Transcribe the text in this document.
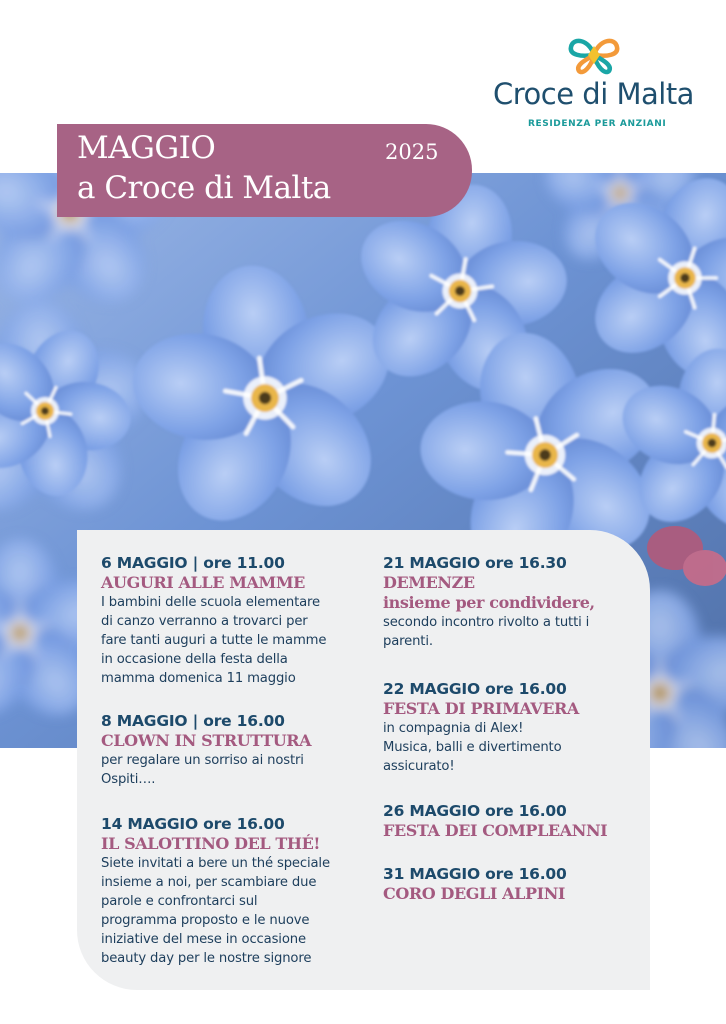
Croce di Malta
RESIDENZA PER ANZIANI
MAGGIO
a Croce di Malta
2025
6 MAGGIO | ore 11.00
AUGURI ALLE MAMME
I bambini delle scuola elementare
di canzo verranno a trovarci per
fare tanti auguri a tutte le mamme
in occasione della festa della
mamma domenica 11 maggio
8 MAGGIO | ore 16.00
CLOWN IN STRUTTURA
per regalare un sorriso ai nostri
Ospiti….
14 MAGGIO ore 16.00
IL SALOTTINO DEL THÉ!
Siete invitati a bere un thé speciale
insieme a noi, per scambiare due
parole e confrontarci sul
programma proposto e le nuove
iniziative del mese in occasione
beauty day per le nostre signore
21 MAGGIO ore 16.30
DEMENZE
insieme per condividere,
secondo incontro rivolto a tutti i
parenti.
22 MAGGIO ore 16.00
FESTA DI PRIMAVERA
in compagnia di Alex!
Musica, balli e divertimento
assicurato!
26 MAGGIO ore 16.00
FESTA DEI COMPLEANNI
31 MAGGIO ore 16.00
CORO DEGLI ALPINI
